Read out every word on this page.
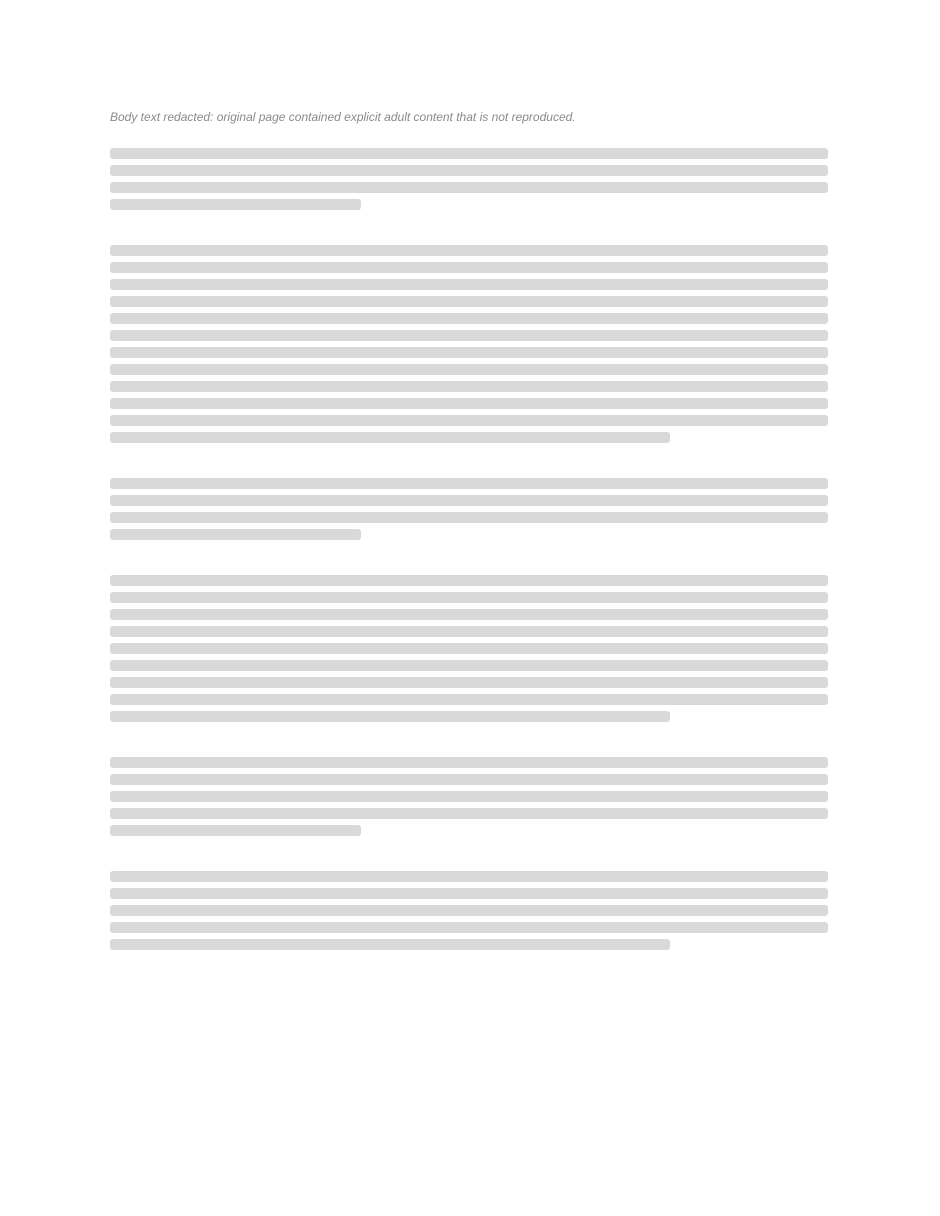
Body text redacted: original page contained explicit adult content that is not reproduced.
